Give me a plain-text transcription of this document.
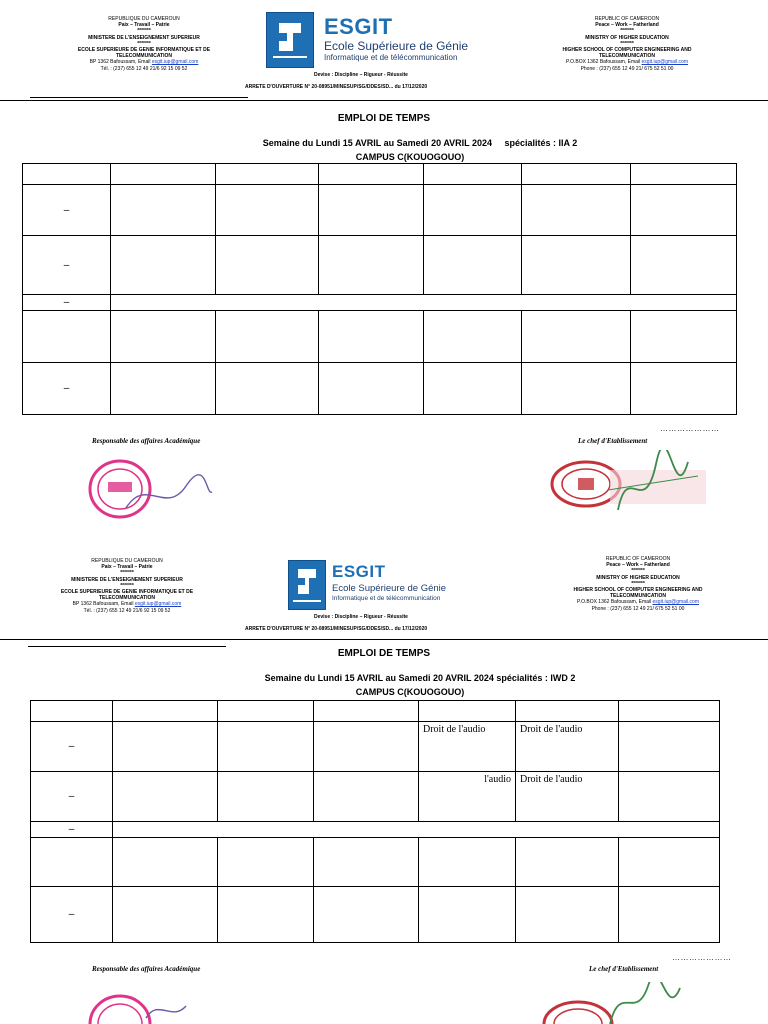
REPUBLIQUE DU CAMEROUN
Paix – Travail – Patrie
*******
MINISTERE DE L'ENSEIGNEMENT SUPERIEUR
*******
ECOLE SUPERIEURE DE GENIE INFORMATIQUE ET DE
TELECOMMUNICATION
BP 1362 Bafoussam, Email esgit.iup@gmail.com
Tél. : (237) 655 12 49 21/6 92 15 09 52
ESGIT
Ecole Supérieure de Génie
Informatique et de télécommunication
Devise : Discipline – Rigueur - Réussite
ARRETE D'OUVERTURE N° 20-08951/MINESUP/SG/DDES/SD... du 17/12/2020
REPUBLIC OF CAMEROON
Peace – Work – Fatherland
*******
MINISTRY OF HIGHER EDUCATION
*******
HIGHER SCHOOL OF COMPUTER ENGINEERING AND
TELECOMMUNICATION
P.O.BOX 1362 Bafoussam, Email esgit.iup@gmail.com
Phone : (237) 655 12 49 21/ 675 52 51 00
EMPLOI DE TEMPS
Semaine du Lundi 15 AVRIL au Samedi 20 AVRIL 2024     spécialités : IIA 2
CAMPUS C(KOUOGOUO)

–						
–						
–						

–						
…………………
Responsable des affaires Académique	Le chef d'Etablissement
REPUBLIQUE DU CAMEROUN
Paix – Travail – Patrie
*******
MINISTERE DE L'ENSEIGNEMENT SUPERIEUR
*******
ECOLE SUPERIEURE DE GENIE INFORMATIQUE ET DE
TELECOMMUNICATION
BP 1362 Bafoussam, Email esgit.iup@gmail.com
Tél. : (237) 655 12 49 21/6 92 15 09 52
ESGIT
Ecole Supérieure de Génie
Informatique et de télécommunication
Devise : Discipline – Rigueur - Réussite
ARRETE D'OUVERTURE N° 20-08951/MINESUP/SG/DDES/SD... du 17/12/2020
REPUBLIC OF CAMEROON
Peace – Work – Fatherland
*******
MINISTRY OF HIGHER EDUCATION
*******
HIGHER SCHOOL OF COMPUTER ENGINEERING AND
TELECOMMUNICATION
P.O.BOX 1362 Bafoussam, Email esgit.iup@gmail.com
Phone : (237) 655 12 49 21/ 675 52 51 00
EMPLOI DE TEMPS
Semaine du Lundi 15 AVRIL au Samedi 20 AVRIL 2024 spécialités : IWD 2
CAMPUS C(KOUOGOUO)

–				Droit de l'audio	Droit de l'audio	
–				l'audio	Droit de l'audio	
–						

–						
…………………
Responsable des affaires Académique	Le chef d'Etablissement
